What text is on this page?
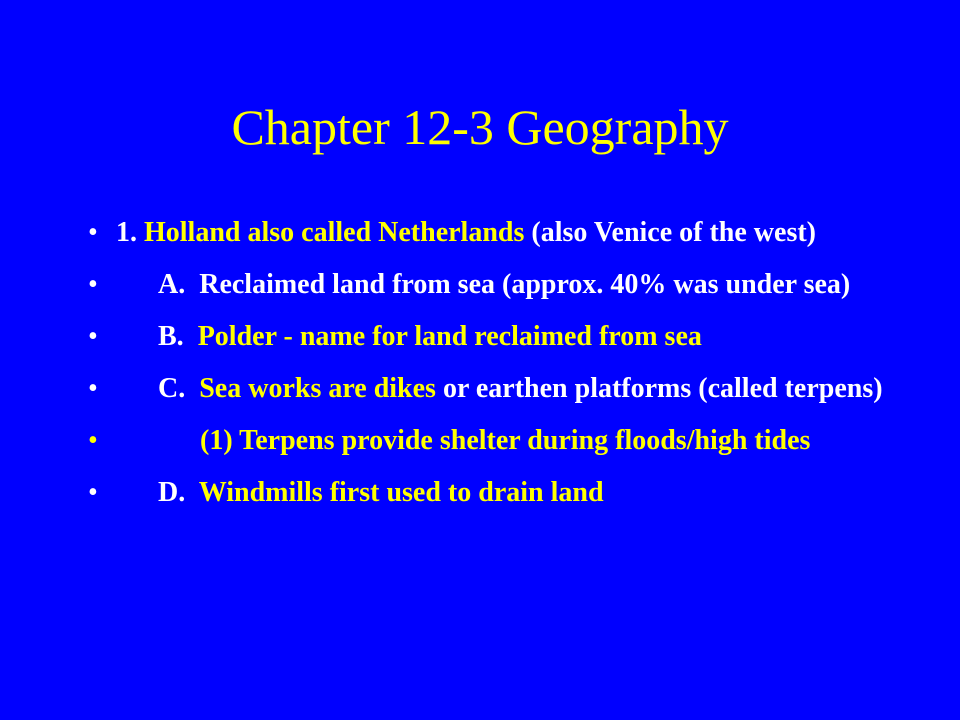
Chapter 12-3 Geography
• 1. Holland also called Netherlands (also Venice of the west)
• A.  Reclaimed land from sea (approx. 40% was under sea)
• B.  Polder - name for land reclaimed from sea
• C.  Sea works are dikes or earthen platforms (called terpens)
• (1) Terpens provide shelter during floods/high tides
• D.  Windmills first used to drain land
